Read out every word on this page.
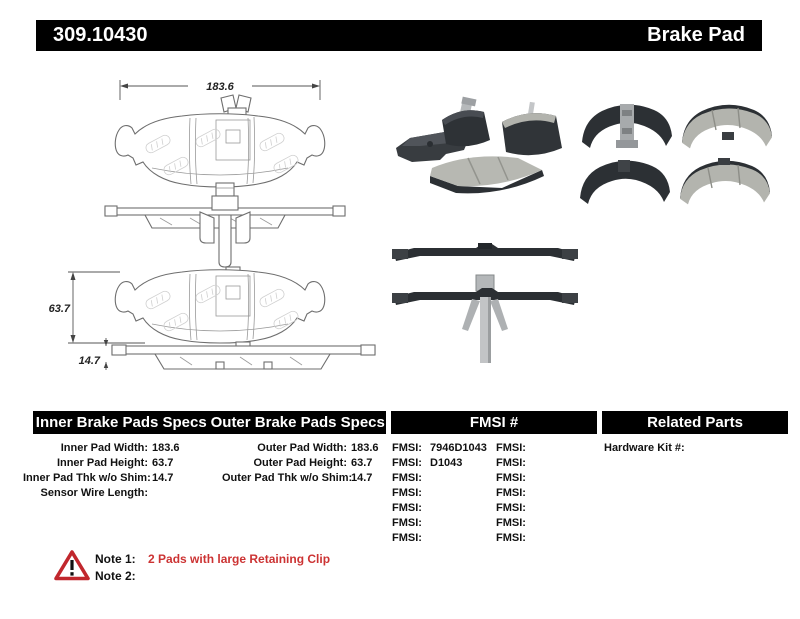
309.10430	Brake Pad
183.6
63.7
14.7
Inner Brake Pads Specs Outer Brake Pads Specs	FMSI #	Related Parts
Inner Pad Width: 183.6
Inner Pad Height: 63.7
Inner Pad Thk w/o Shim: 14.7
Sensor Wire Length:
Outer Pad Width: 183.6
Outer Pad Height: 63.7
Outer Pad Thk w/o Shim:
14.7
FMSI: 7946D1043
FMSI: D1043
FMSI:
FMSI:
FMSI:
FMSI:
FMSI:
FMSI:
FMSI:
FMSI:
FMSI:
FMSI:
FMSI:
FMSI:
Hardware Kit #:
Note 1: 2 Pads with large Retaining Clip
Note 2:
